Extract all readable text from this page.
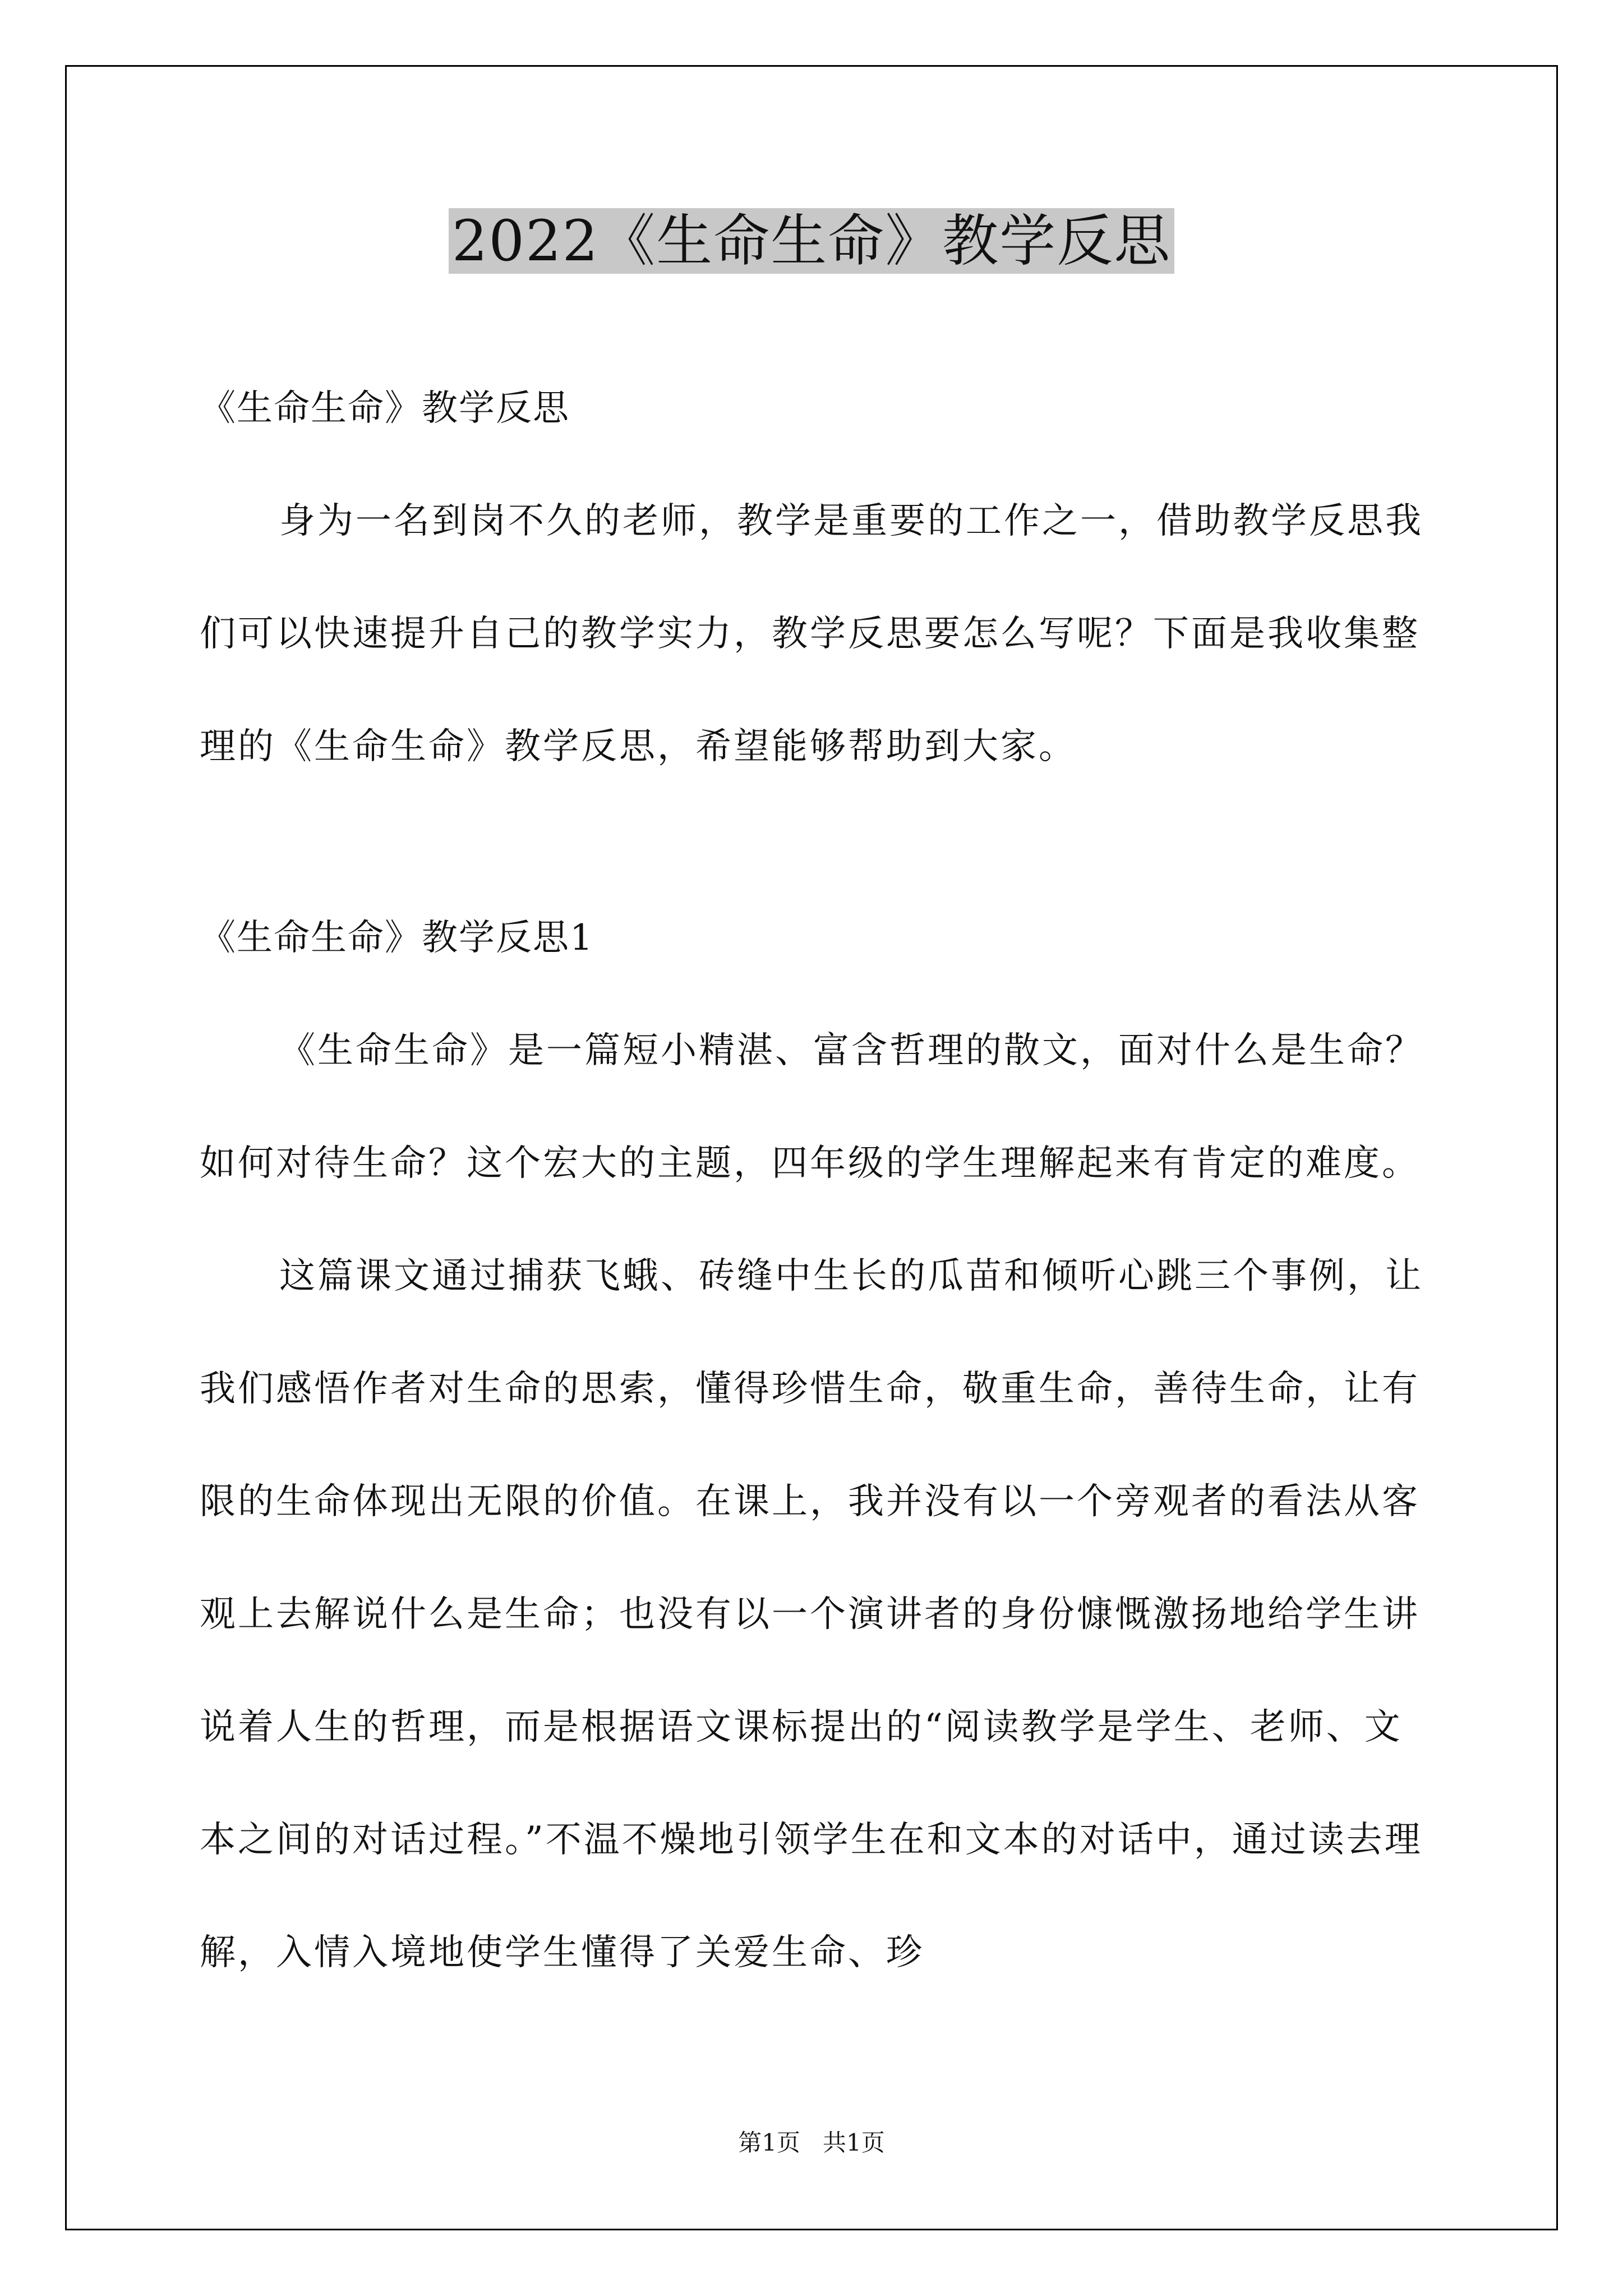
2022《生命生命》教学反思

《生命生命》教学反思

身为一名到岗不久的老师，教学是重要的工作之一，借助教学反思我们可以快速提升自己的教学实力，教学反思要怎么写呢？下面是我收集整理的《生命生命》教学反思，希望能够帮助到大家。

《生命生命》教学反思1

《生命生命》是一篇短小精湛、富含哲理的散文，面对什么是生命？如何对待生命？这个宏大的主题，四年级的学生理解起来有肯定的难度。

这篇课文通过捕获飞蛾、砖缝中生长的瓜苗和倾听心跳三个事例，让我们感悟作者对生命的思索，懂得珍惜生命，敬重生命，善待生命，让有限的生命体现出无限的价值。在课上，我并没有以一个旁观者的看法从客观上去解说什么是生命；也没有以一个演讲者的身份慷慨激扬地给学生讲说着人生的哲理，而是根据语文课标提出的“阅读教学是学生、老师、文本之间的对话过程。”不温不燥地引领学生在和文本的对话中，通过读去理解，入情入境地使学生懂得了关爱生命、珍

第1页   共1页
